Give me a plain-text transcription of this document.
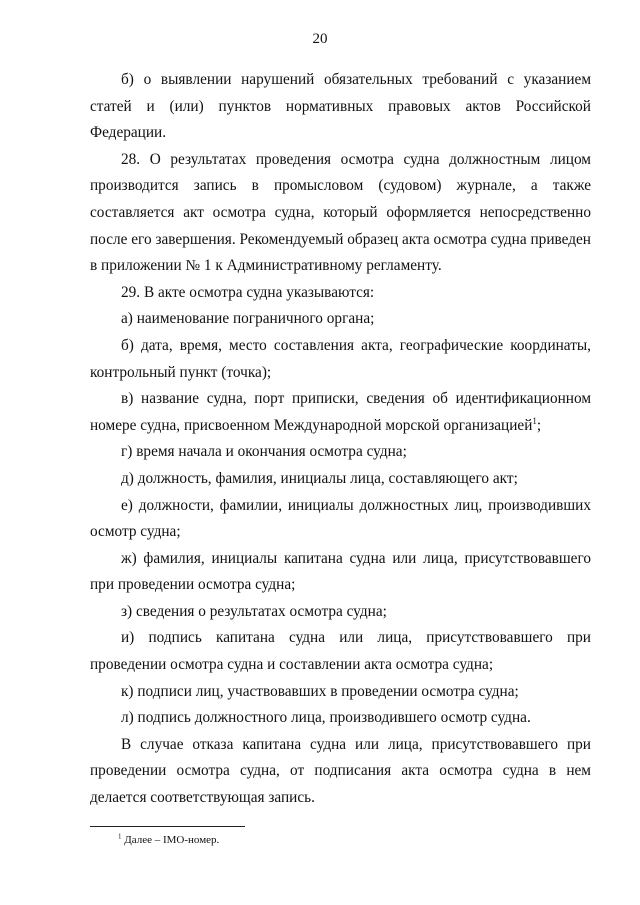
20

б) о выявлении нарушений обязательных требований с указанием статей и (или) пунктов нормативных правовых актов Российской Федерации.

28. О результатах проведения осмотра судна должностным лицом производится запись в промысловом (судовом) журнале, а также составляется акт осмотра судна, который оформляется непосредственно после его завершения. Рекомендуемый образец акта осмотра судна приведен в приложении № 1 к Административному регламенту.

29. В акте осмотра судна указываются:

а) наименование пограничного органа;

б) дата, время, место составления акта, географические координаты, контрольный пункт (точка);

в) название судна, порт приписки, сведения об идентификационном номере судна, присвоенном Международной морской организацией$^1$;

г) время начала и окончания осмотра судна;

д) должность, фамилия, инициалы лица, составляющего акт;

е) должности, фамилии, инициалы должностных лиц, производивших осмотр судна;

ж) фамилия, инициалы капитана судна или лица, присутствовавшего при проведении осмотра судна;

з) сведения о результатах осмотра судна;

и) подпись капитана судна или лица, присутствовавшего при проведении осмотра судна и составлении акта осмотра судна;

к) подписи лиц, участвовавших в проведении осмотра судна;

л) подпись должностного лица, производившего осмотр судна.

В случае отказа капитана судна или лица, присутствовавшего при проведении осмотра судна, от подписания акта осмотра судна в нем делается соответствующая запись.

$^1$ Далее – IMO-номер.
